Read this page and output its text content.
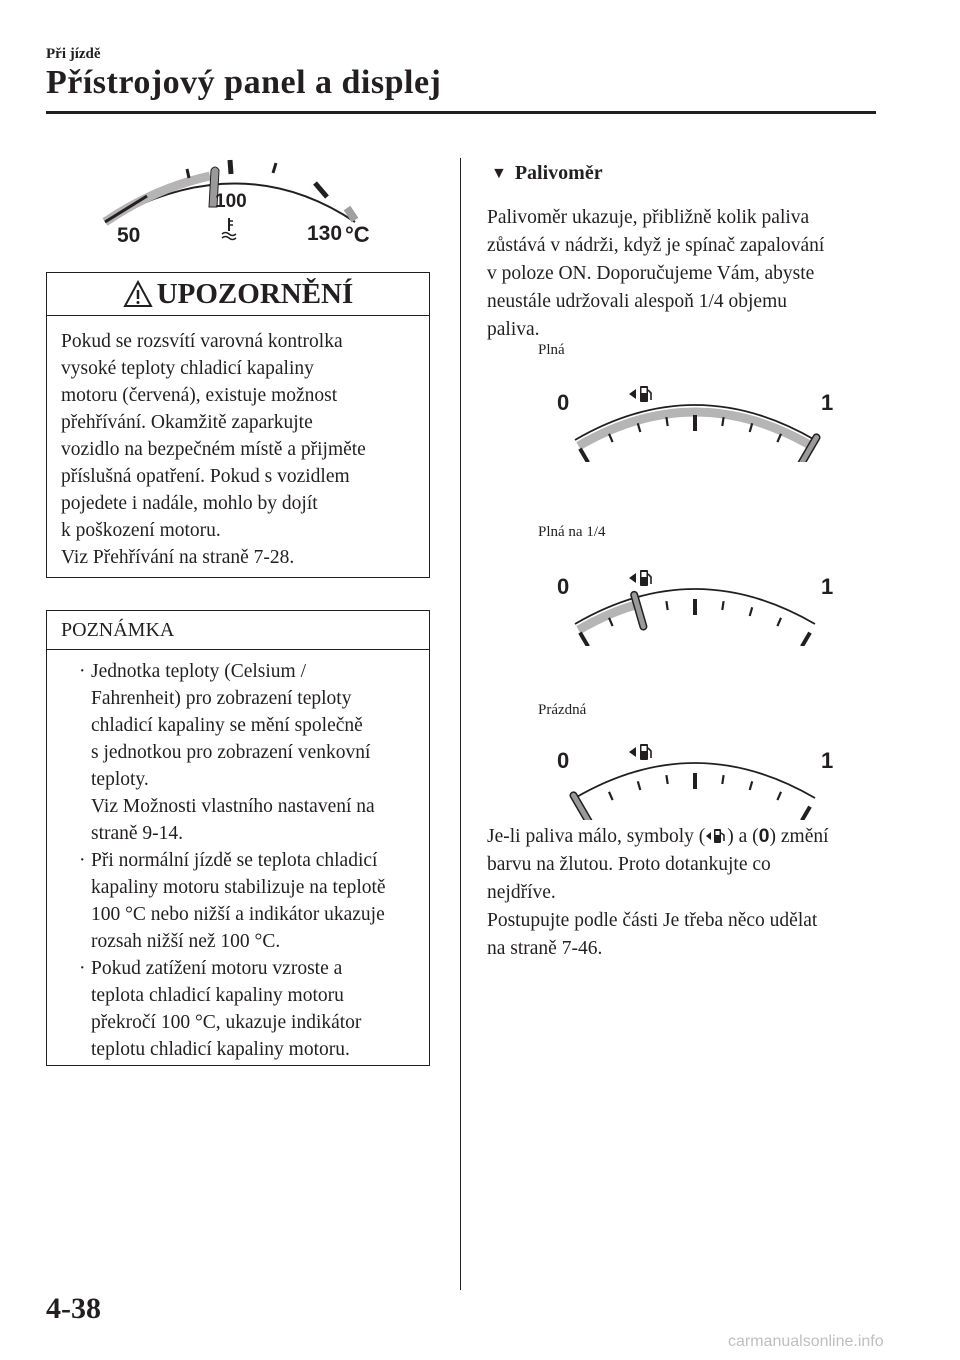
Při jízdě
Přístrojový panel a displej
50
100
130 °C
UPOZORNĚNÍ
Pokud se rozsvítí varovná kontrolka
vysoké teploty chladicí kapaliny
motoru (červená), existuje možnost
přehřívání. Okamžitě zaparkujte
vozidlo na bezpečném místě a přijměte
příslušná opatření. Pokud s vozidlem
pojedete i nadále, mohlo by dojít
k poškození motoru.
Viz Přehřívání na straně 7-28.
POZNÁMKA
· Jednotka teploty (Celsium /
Fahrenheit) pro zobrazení teploty
chladicí kapaliny se mění společně
s jednotkou pro zobrazení venkovní
teploty.
Viz Možnosti vlastního nastavení na
straně 9-14.
· Při normální jízdě se teplota chladicí
kapaliny motoru stabilizuje na teplotě
100 °C nebo nižší a indikátor ukazuje
rozsah nižší než 100 °C.
· Pokud zatížení motoru vzroste a
teplota chladicí kapaliny motoru
překročí 100 °C, ukazuje indikátor
teplotu chladicí kapaliny motoru.
▼ Palivoměr
Palivoměr ukazuje, přibližně kolik paliva
zůstává v nádrži, když je spínač zapalování
v poloze ON. Doporučujeme Vám, abyste
neustále udržovali alespoň 1/4 objemu
paliva.
Plná
0	1
Plná na 1/4
0	1
Prázdná
0	1
Je-li paliva málo, symboly ( ) a (0) změní
barvu na žlutou. Proto dotankujte co
nejdříve.
Postupujte podle části Je třeba něco udělat
na straně 7-46.
4-38
carmanualsonline.info
